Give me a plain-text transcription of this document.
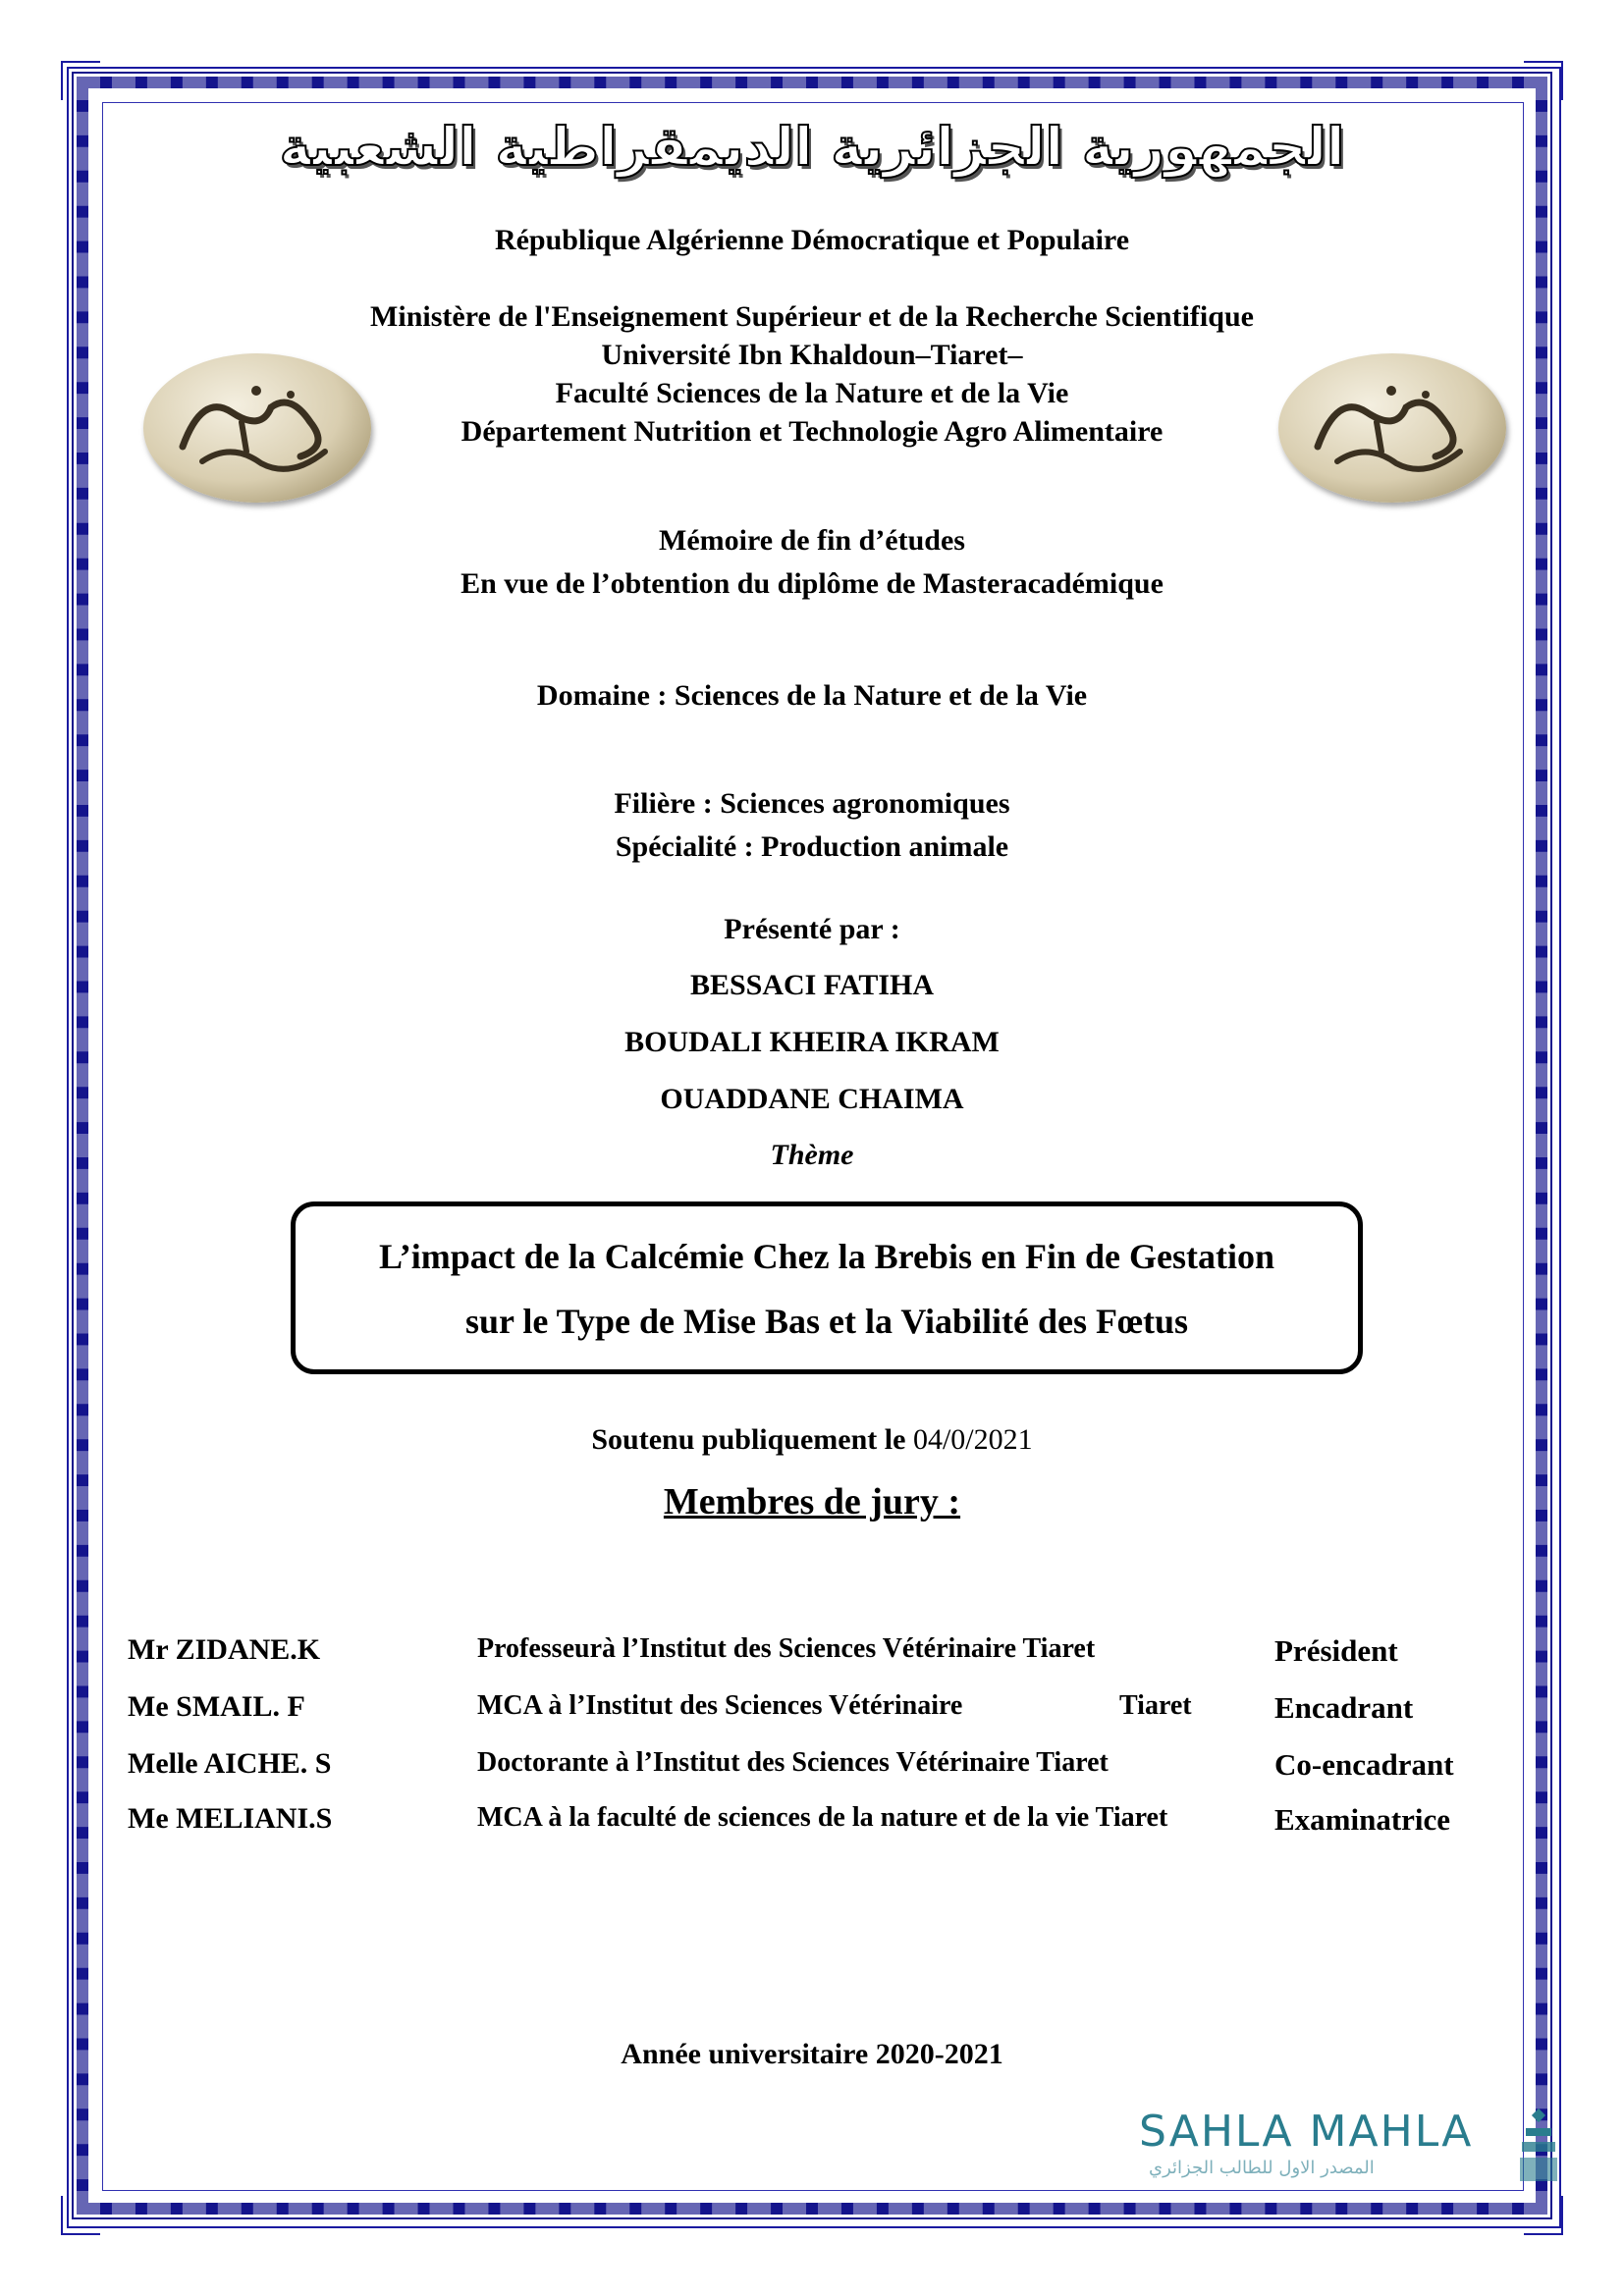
الجمهورية الجزائرية الديمقراطية الشعبية
République Algérienne Démocratique et Populaire
Ministère de l'Enseignement Supérieur et de la Recherche Scientifique
Université Ibn Khaldoun–Tiaret–
Faculté Sciences de la Nature et de la Vie
Département Nutrition et Technologie Agro Alimentaire
Mémoire de fin d’études
En vue de l’obtention du diplôme de Masteracadémique
Domaine : Sciences de la Nature et de la Vie
Filière : Sciences agronomiques
Spécialité : Production animale
Présenté par :
BESSACI FATIHA
BOUDALI KHEIRA IKRAM
OUADDANE CHAIMA
Thème
L’impact de la Calcémie Chez la Brebis en Fin de Gestation
sur le Type de Mise Bas et la Viabilité des Fœtus
Soutenu publiquement le 04/0/2021
Membres de jury :
Mr ZIDANE.K	Professeurà l’Institut des Sciences Vétérinaire Tiaret	Président
Me SMAIL. F	MCA à l’Institut des Sciences Vétérinaire	Tiaret	Encadrant
Melle AICHE. S	Doctorante à l’Institut des Sciences Vétérinaire Tiaret	Co-encadrant
Me MELIANI.S	MCA à la faculté de sciences de la nature et de la vie Tiaret	Examinatrice
Année universitaire 2020-2021
SAHLA MAHLA
المصدر الاول للطالب الجزائري
